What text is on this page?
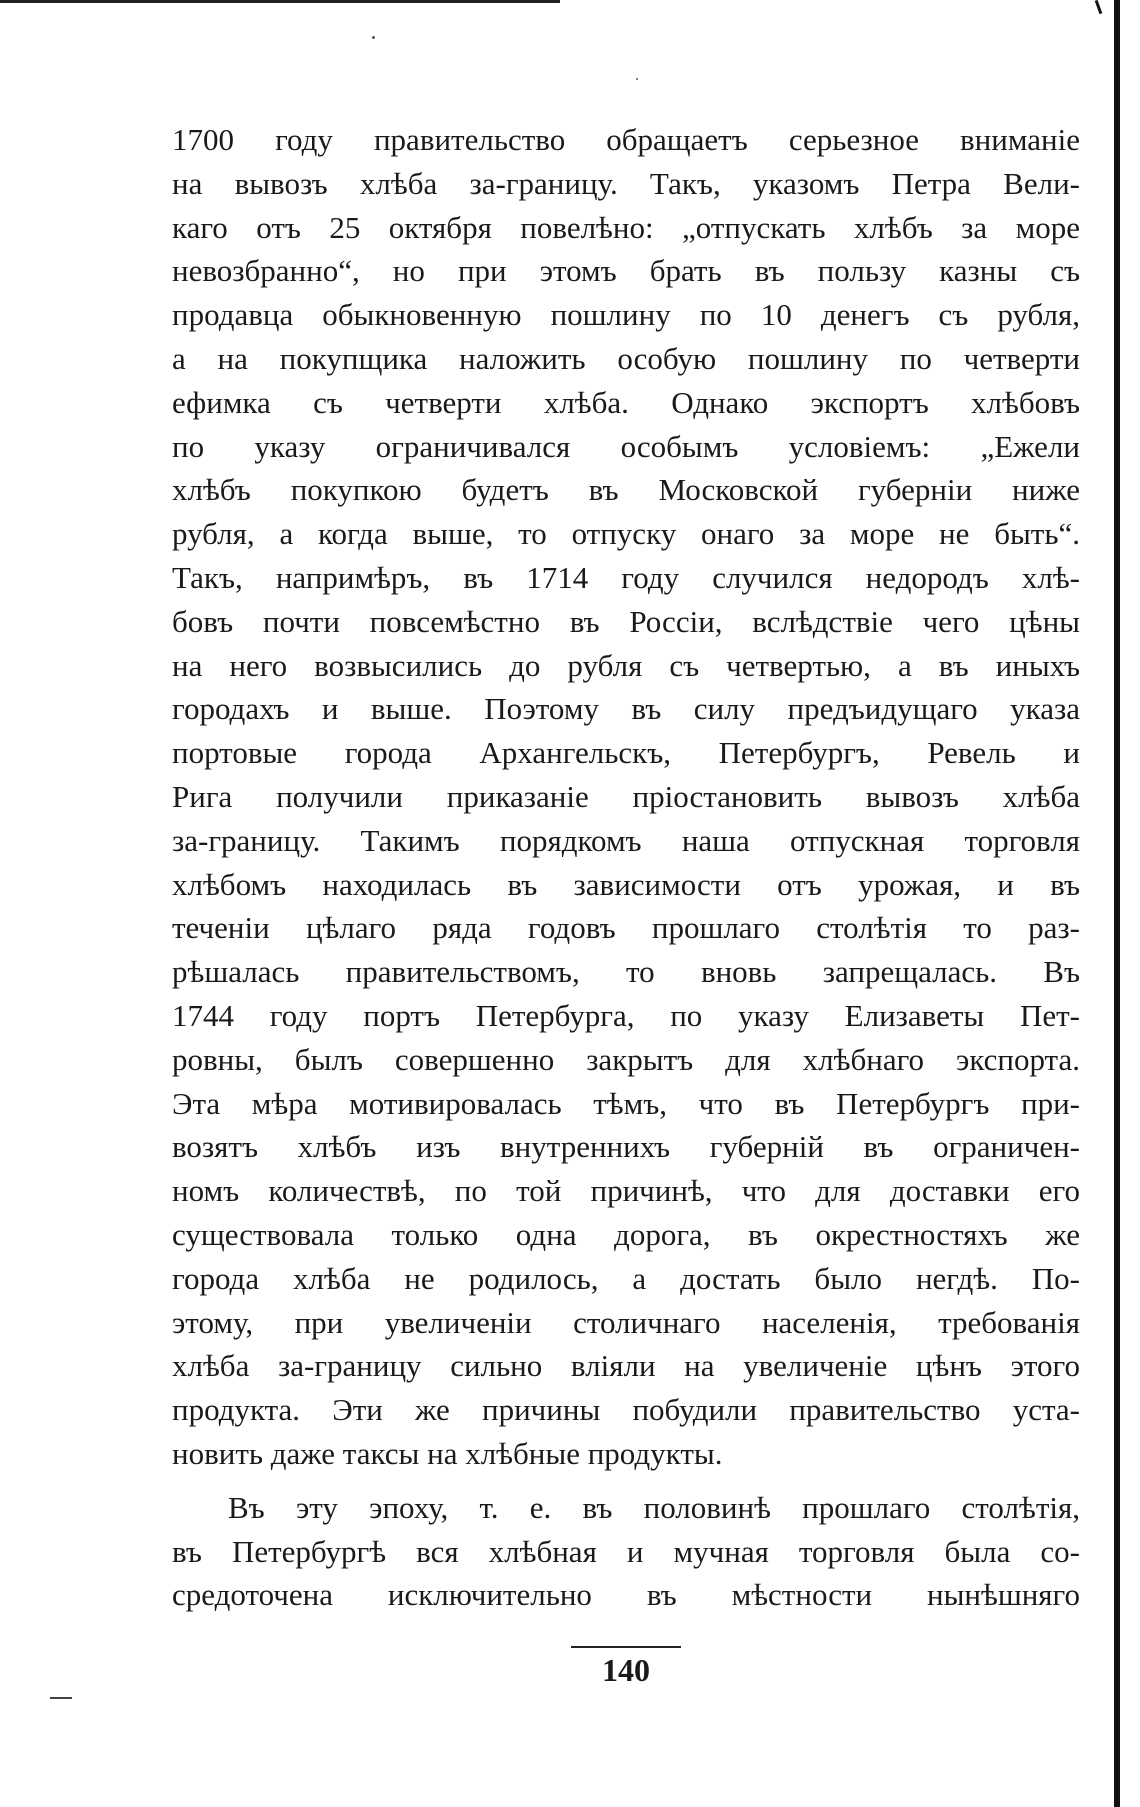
1700 году правительство обращаетъ серьезное вниманiе
на вывозъ хлѣба за-границу. Такъ, указомъ Петра Вели-
каго отъ 25 октября повелѣно: „отпускать хлѣбъ за море
невозбранно“, но при этомъ брать въ пользу казны съ
продавца обыкновенную пошлину по 10 денегъ съ рубля,
а на покупщика наложить особую пошлину по четверти
ефимка съ четверти хлѣба. Однако экспортъ хлѣбовъ
по указу ограничивался особымъ условiемъ: „Ежели
хлѣбъ покупкою будетъ въ Московской губернiи ниже
рубля, а когда выше, то отпуску онаго за море не быть“.
Такъ, напримѣръ, въ 1714 году случился недородъ хлѣ-
бовъ почти повсемѣстно въ Россiи, вслѣдствiе чего цѣны
на него возвысились до рубля съ четвертью, а въ иныхъ
городахъ и выше. Поэтому въ силу предъидущаго указа
портовые города Архангельскъ, Петербургъ, Ревель и
Рига получили приказанiе прiостановить вывозъ хлѣба
за-границу. Такимъ порядкомъ наша отпускная торговля
хлѣбомъ находилась въ зависимости отъ урожая, и въ
теченiи цѣлаго ряда годовъ прошлаго столѣтiя то раз-
рѣшалась правительствомъ, то вновь запрещалась. Въ
1744 году портъ Петербурга, по указу Елизаветы Пет-
ровны, былъ совершенно закрытъ для хлѣбнаго экспорта.
Эта мѣра мотивировалась тѣмъ, что въ Петербургъ при-
возятъ хлѣбъ изъ внутреннихъ губернiй въ ограничен-
номъ количествѣ, по той причинѣ, что для доставки его
существовала только одна дорога, въ окрестностяхъ же
города хлѣба не родилось, а достать было негдѣ. По-
этому, при увеличенiи столичнаго населенiя, требованiя
хлѣба за-границу сильно влiяли на увеличенiе цѣнъ этого
продукта. Эти же причины побудили правительство уста-
новить даже таксы на хлѣбные продукты.
Въ эту эпоху, т. е. въ половинѣ прошлаго столѣтiя,
въ Петербургѣ вся хлѣбная и мучная торговля была со-
средоточена исключительно въ мѣстности нынѣшняго
140
